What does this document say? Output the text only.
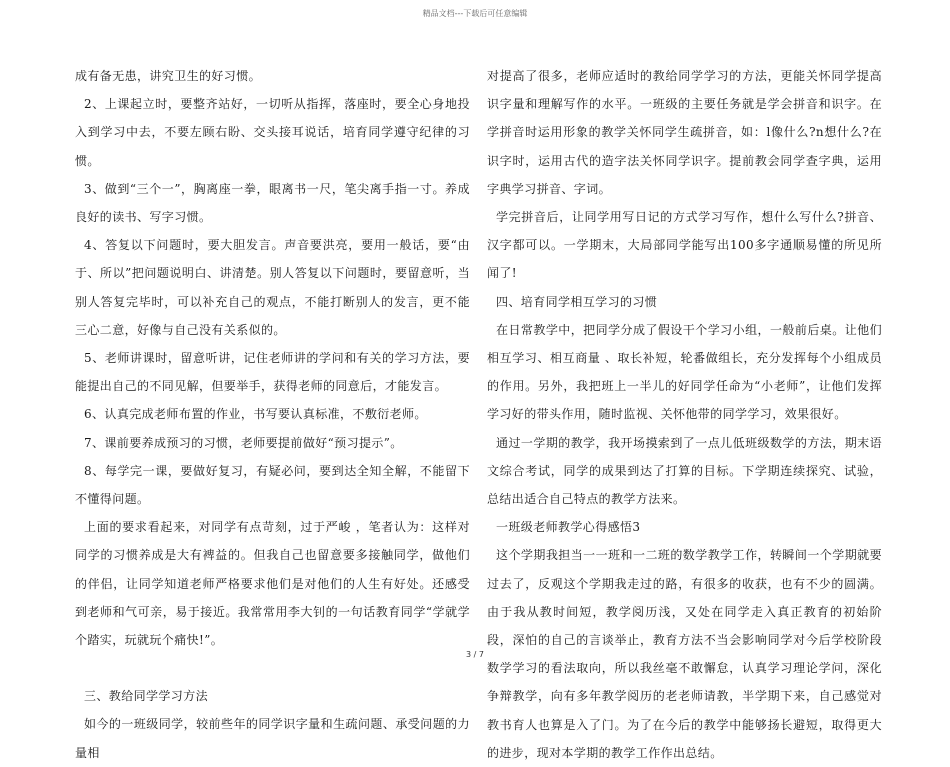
精品文档---下载后可任意编辑

成有备无患，讲究卫生的好习惯。

2、上课起立时，要整齐站好，一切听从指挥，落座时，要全心身地投入到学习中去，不要左顾右盼、交头接耳说话，培育同学遵守纪律的习惯。

3、做到“三个一”，胸离座一拳，眼离书一尺，笔尖离手指一寸。养成良好的读书、写字习惯。

4、答复以下问题时，要大胆发言。声音要洪亮，要用一般话，要“由于、所以”把问题说明白、讲清楚。别人答复以下问题时，要留意听，当别人答复完毕时，可以补充自己的观点，不能打断别人的发言，更不能三心二意，好像与自己没有关系似的。

5、老师讲课时，留意听讲，记住老师讲的学问和有关的学习方法，要能提出自己的不同见解，但要举手，获得老师的同意后，才能发言。

6、认真完成老师布置的作业，书写要认真标准，不敷衍老师。

7、课前要养成预习的习惯，老师要提前做好“预习提示”。

8、每学完一课，要做好复习，有疑必问，要到达全知全解，不能留下不懂得问题。

上面的要求看起来，对同学有点苛刻，过于严峻 ，笔者认为：这样对同学的习惯养成是大有裨益的。但我自己也留意要多接触同学，做他们的伴侣，让同学知道老师严格要求他们是对他们的人生有好处。还感受到老师和气可亲，易于接近。我常常用李大钊的一句话教育同学“学就学个踏实，玩就玩个痛快!”。

三、教给同学学习方法

如今的一班级同学，较前些年的同学识字量和生疏问题、承受问题的力量相

对提高了很多，老师应适时的教给同学学习的方法，更能关怀同学提高识字量和理解写作的水平。一班级的主要任务就是学会拼音和识字。在学拼音时运用形象的教学关怀同学生疏拼音，如：l像什么?n想什么?在识字时，运用古代的造字法关怀同学识字。提前教会同学查字典，运用字典学习拼音、字词。

学完拼音后，让同学用写日记的方式学习写作，想什么写什么?拼音、汉字都可以。一学期末，大局部同学能写出100多字通顺易懂的所见所闻了!

四、培育同学相互学习的习惯

在日常教学中，把同学分成了假设干个学习小组，一般前后桌。让他们相互学习、相互商量 、取长补短，轮番做组长，充分发挥每个小组成员的作用。另外，我把班上一半儿的好同学任命为“小老师”，让他们发挥学习好的带头作用，随时监视、关怀他带的同学学习，效果很好。

通过一学期的教学，我开场摸索到了一点儿低班级数学的方法，期末语文综合考试，同学的成果到达了打算的目标。下学期连续探究、试验，总结出适合自己特点的教学方法来。

一班级老师教学心得感悟3

这个学期我担当一一班和一二班的数学教学工作，转瞬间一个学期就要过去了，反观这个学期我走过的路，有很多的收获，也有不少的圆满。由于我从教时间短，教学阅历浅，又处在同学走入真正教育的初始阶段，深怕的自己的言谈举止，教育方法不当会影响同学对今后学校阶段数学学习的看法取向，所以我丝毫不敢懈怠，认真学习理论学问，深化争辩教学，向有多年教学阅历的老老师请教，半学期下来，自己感觉对教书育人也算是入了门。为了在今后的教学中能够扬长避短，取得更大的进步，现对本学期的教学工作作出总结。

3 / 7
